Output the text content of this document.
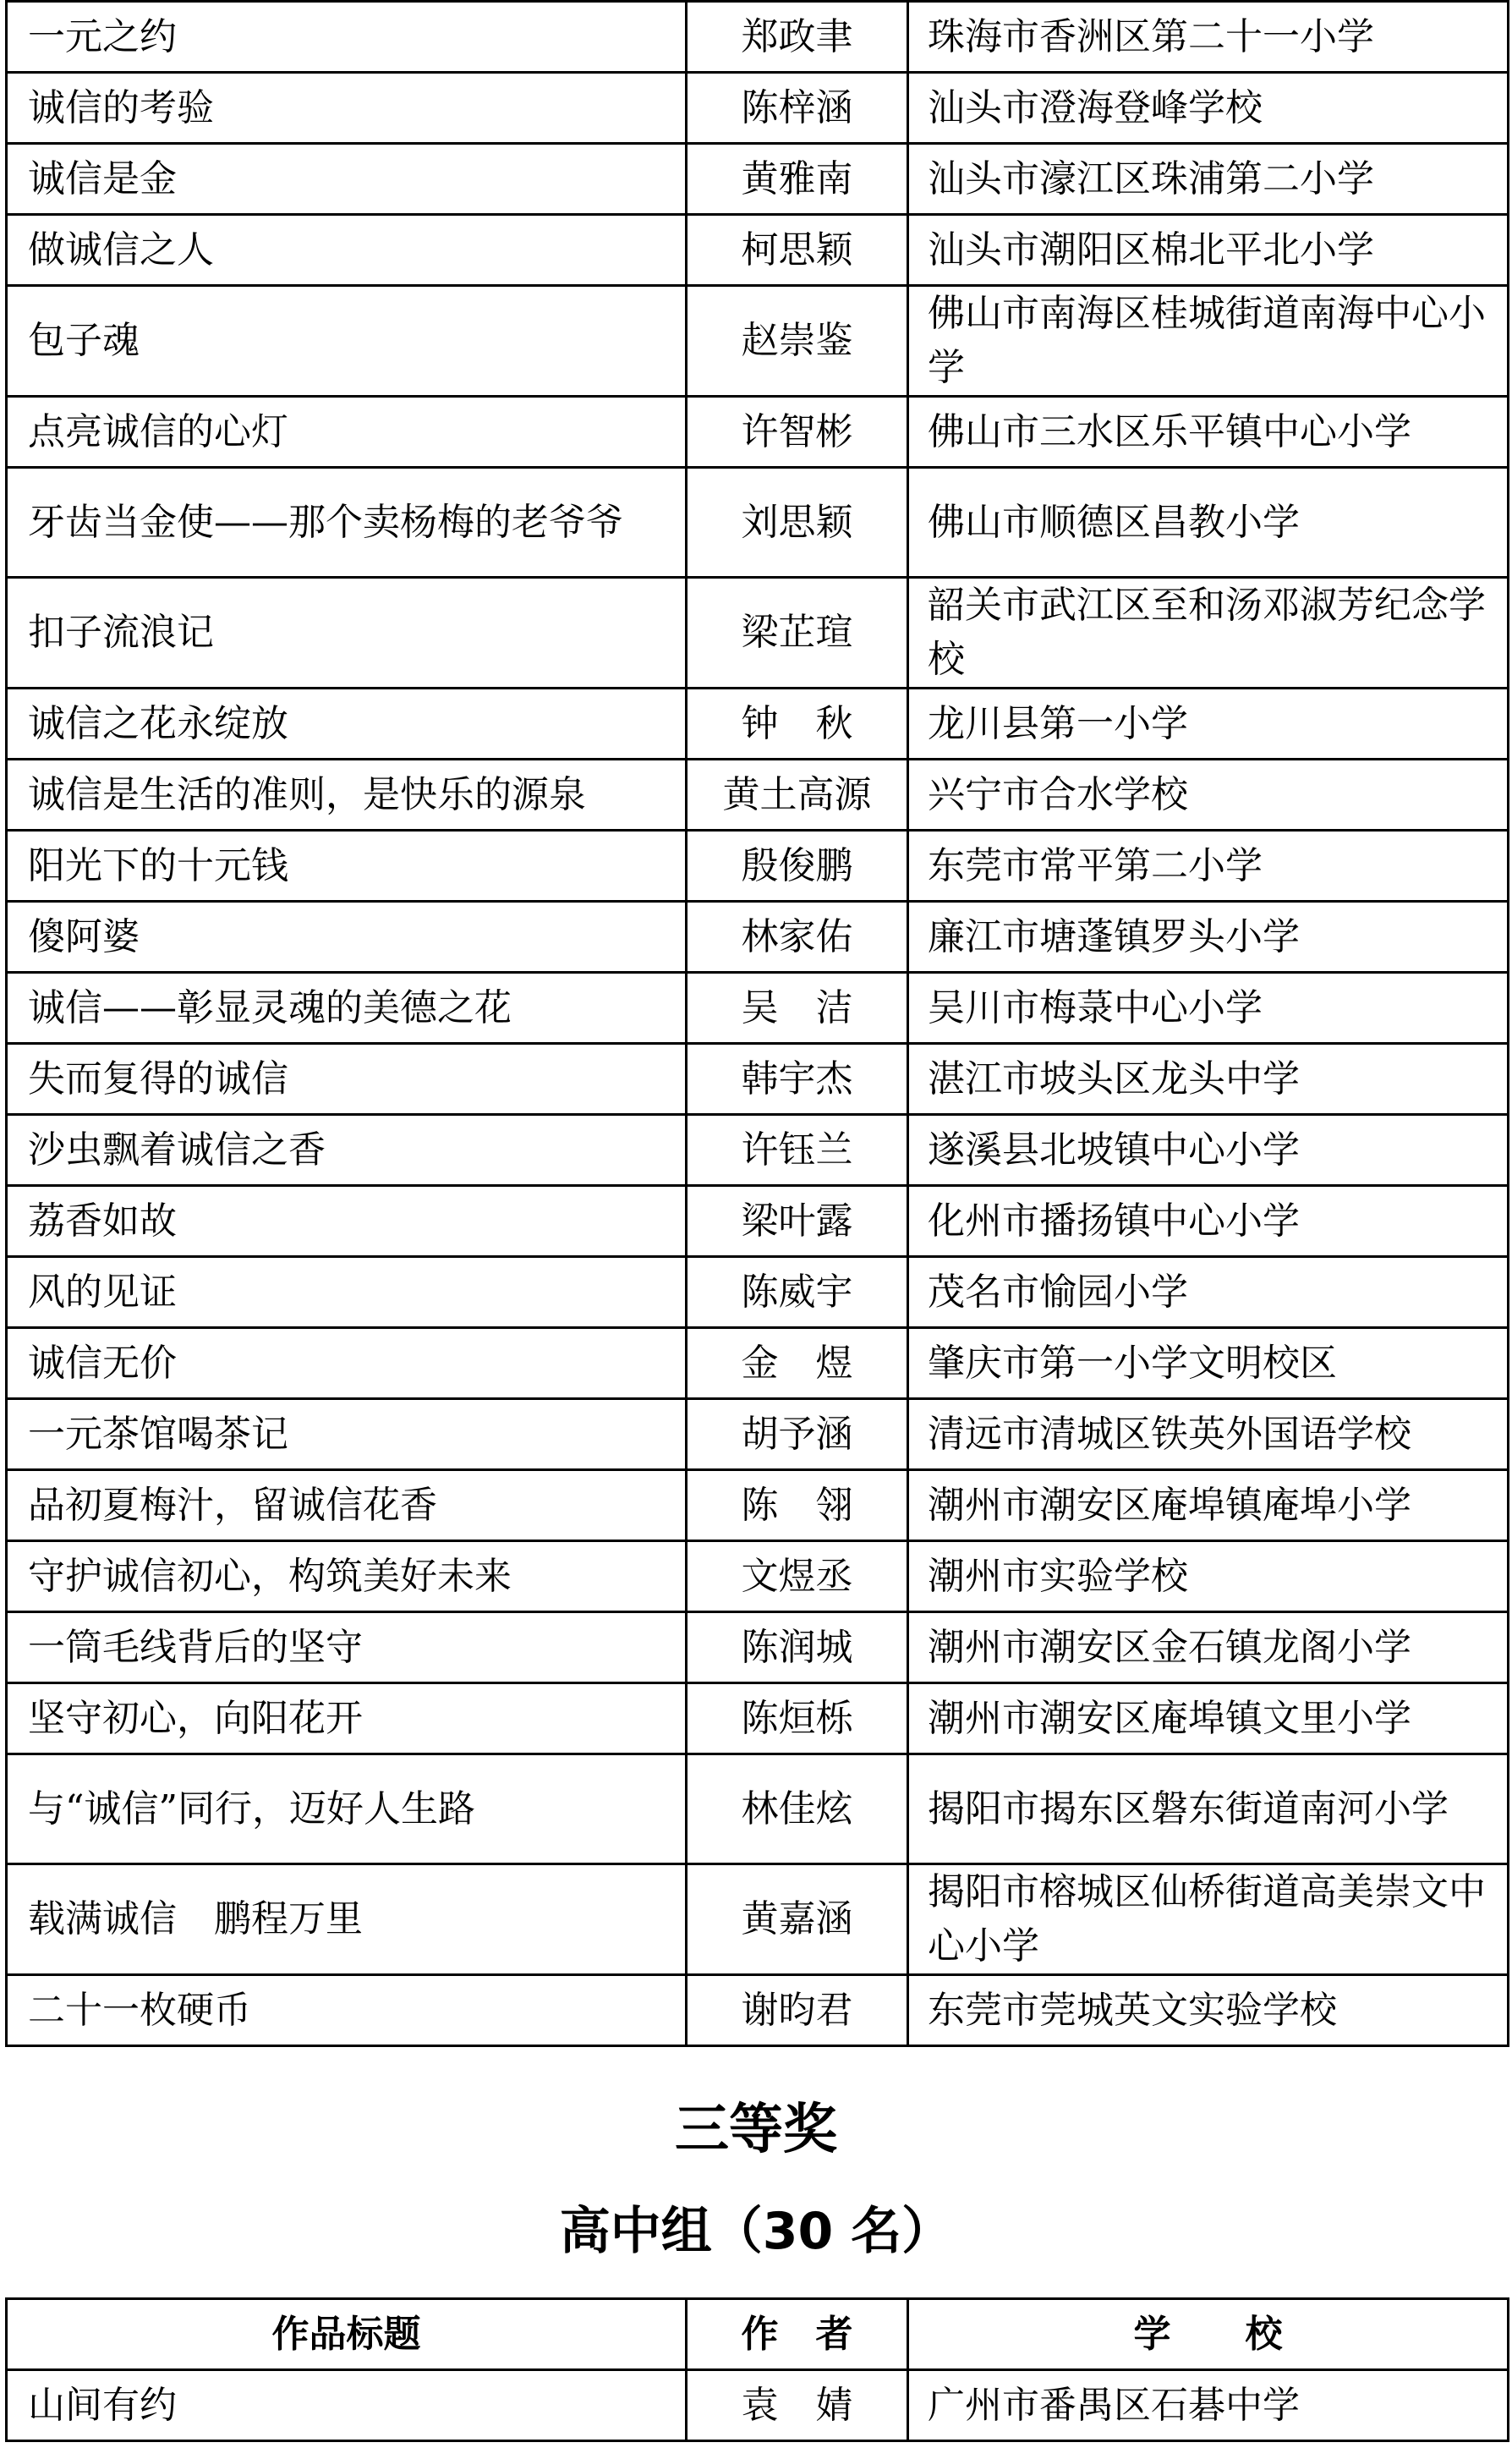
一元之约	郑政聿	珠海市香洲区第二十一小学
诚信的考验	陈梓涵	汕头市澄海登峰学校
诚信是金	黄雅南	汕头市濠江区珠浦第二小学
做诚信之人	柯思颖	汕头市潮阳区棉北平北小学
包子魂	赵崇鉴	佛山市南海区桂城街道南海中心小学
点亮诚信的心灯	许智彬	佛山市三水区乐平镇中心小学
牙齿当金使——那个卖杨梅的老爷爷	刘思颖	佛山市顺德区昌教小学
扣子流浪记	梁芷瑄	韶关市武江区至和汤邓淑芳纪念学校
诚信之花永绽放	钟　秋	龙川县第一小学
诚信是生活的准则，是快乐的源泉	黄土高源	兴宁市合水学校
阳光下的十元钱	殷俊鹏	东莞市常平第二小学
傻阿婆	林家佑	廉江市塘蓬镇罗头小学
诚信——彰显灵魂的美德之花	吴　洁	吴川市梅菉中心小学
失而复得的诚信	韩宇杰	湛江市坡头区龙头中学
沙虫飘着诚信之香	许钰兰	遂溪县北坡镇中心小学
荔香如故	梁叶露	化州市播扬镇中心小学
风的见证	陈威宇	茂名市愉园小学
诚信无价	金　煜	肇庆市第一小学文明校区
一元茶馆喝茶记	胡予涵	清远市清城区铁英外国语学校
品初夏梅汁，留诚信花香	陈　翎	潮州市潮安区庵埠镇庵埠小学
守护诚信初心，构筑美好未来	文煜丞	潮州市实验学校
一筒毛线背后的坚守	陈润城	潮州市潮安区金石镇龙阁小学
坚守初心，向阳花开	陈烜栎	潮州市潮安区庵埠镇文里小学
与“诚信”同行，迈好人生路	林佳炫	揭阳市揭东区磐东街道南河小学
载满诚信　鹏程万里	黄嘉涵	揭阳市榕城区仙桥街道高美崇文中心小学
二十一枚硬币	谢昀君	东莞市莞城英文实验学校
三等奖
高中组（30 名）
作品标题	作　者	学　　校
山间有约	袁　婧	广州市番禺区石碁中学
